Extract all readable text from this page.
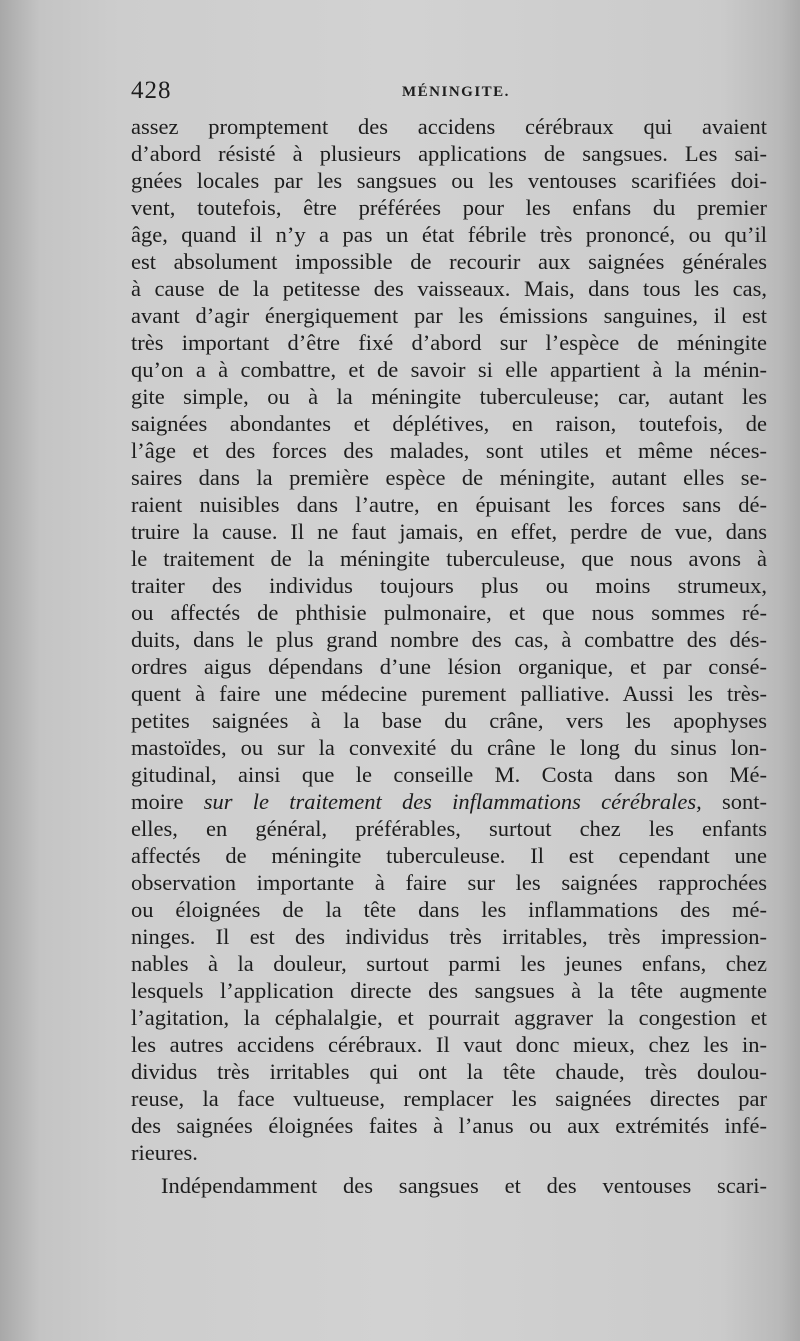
428	MÉNINGITE.
assez promptement des accidens cérébraux qui avaient
d’abord résisté à plusieurs applications de sangsues. Les sai-
gnées locales par les sangsues ou les ventouses scarifiées doi-
vent, toutefois, être préférées pour les enfans du premier
âge, quand il n’y a pas un état fébrile très prononcé, ou qu’il
est absolument impossible de recourir aux saignées générales
à cause de la petitesse des vaisseaux. Mais, dans tous les cas,
avant d’agir énergiquement par les émissions sanguines, il est
très important d’être fixé d’abord sur l’espèce de méningite
qu’on a à combattre, et de savoir si elle appartient à la ménin-
gite simple, ou à la méningite tuberculeuse; car, autant les
saignées abondantes et déplétives, en raison, toutefois, de
l’âge et des forces des malades, sont utiles et même néces-
saires dans la première espèce de méningite, autant elles se-
raient nuisibles dans l’autre, en épuisant les forces sans dé-
truire la cause. Il ne faut jamais, en effet, perdre de vue, dans
le traitement de la méningite tuberculeuse, que nous avons à
traiter des individus toujours plus ou moins strumeux,
ou affectés de phthisie pulmonaire, et que nous sommes ré-
duits, dans le plus grand nombre des cas, à combattre des dés-
ordres aigus dépendans d’une lésion organique, et par consé-
quent à faire une médecine purement palliative. Aussi les très-
petites saignées à la base du crâne, vers les apophyses
mastoïdes, ou sur la convexité du crâne le long du sinus lon-
gitudinal, ainsi que le conseille M. Costa dans son Mé-
moire sur le traitement des inflammations cérébrales, sont-
elles, en général, préférables, surtout chez les enfants
affectés de méningite tuberculeuse. Il est cependant une
observation importante à faire sur les saignées rapprochées
ou éloignées de la tête dans les inflammations des mé-
ninges. Il est des individus très irritables, très impression-
nables à la douleur, surtout parmi les jeunes enfans, chez
lesquels l’application directe des sangsues à la tête augmente
l’agitation, la céphalalgie, et pourrait aggraver la congestion et
les autres accidens cérébraux. Il vaut donc mieux, chez les in-
dividus très irritables qui ont la tête chaude, très doulou-
reuse, la face vultueuse, remplacer les saignées directes par
des saignées éloignées faites à l’anus ou aux extrémités infé-
rieures.
Indépendamment des sangsues et des ventouses scari-
